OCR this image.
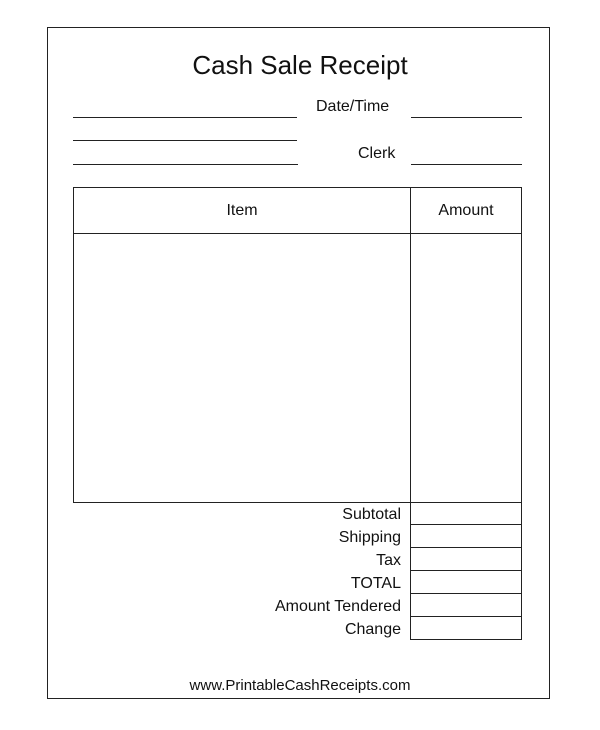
Cash Sale Receipt
Date/Time
Clerk
Item	Amount
Subtotal
Shipping
Tax
TOTAL
Amount Tendered
Change
www.PrintableCashReceipts.com
